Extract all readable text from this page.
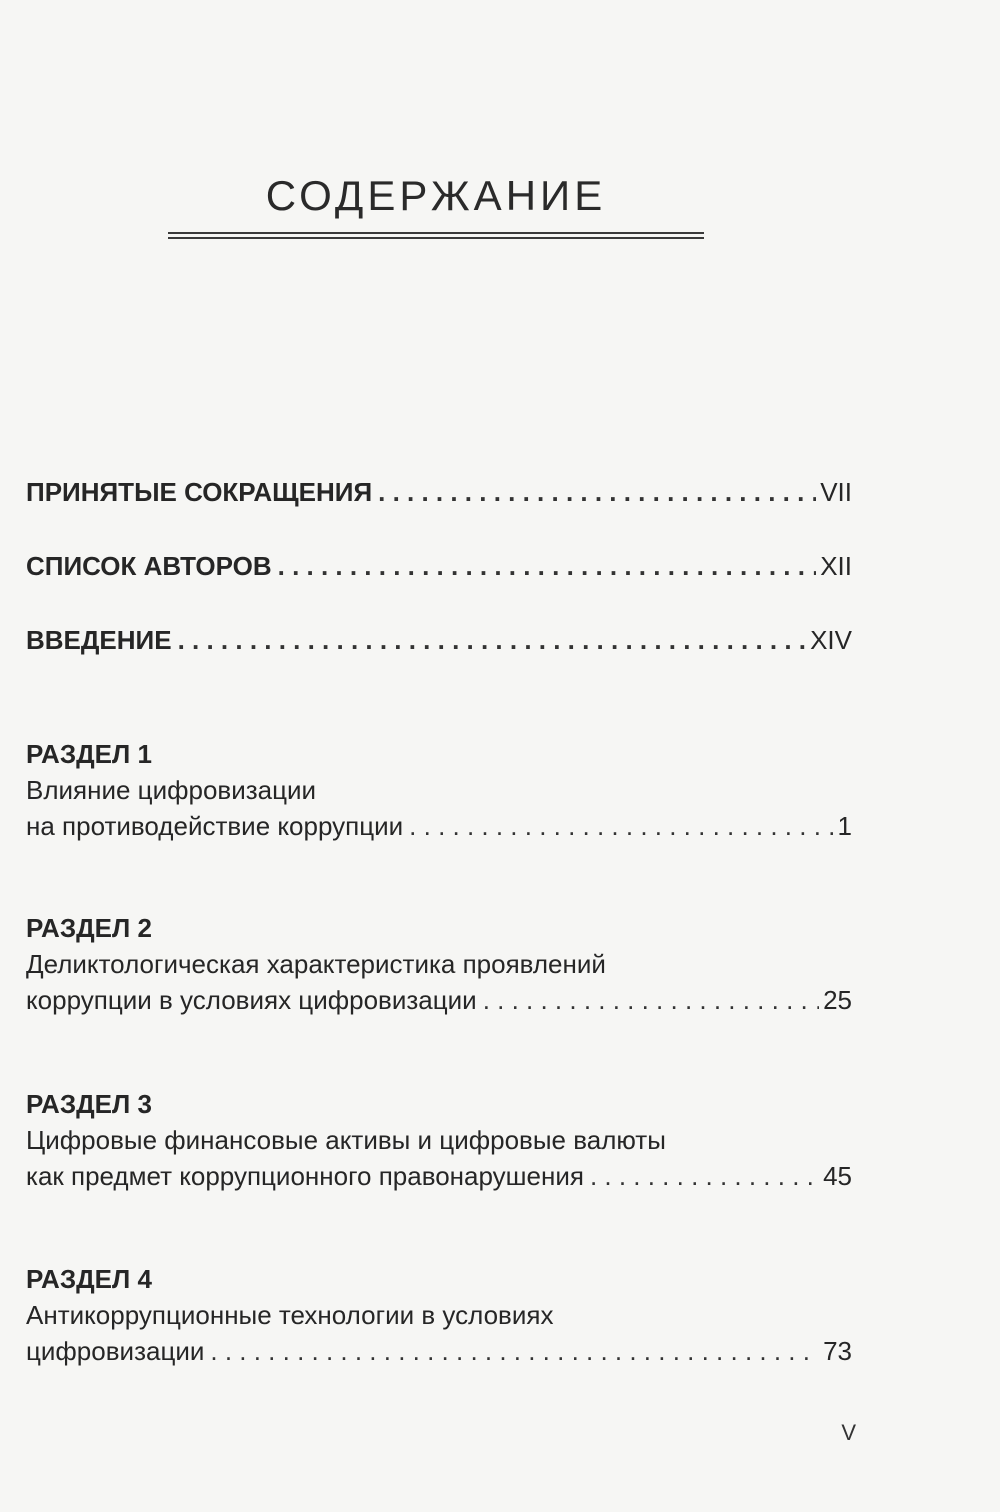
СОДЕРЖАНИЕ
ПРИНЯТЫЕ СОКРАЩЕНИЯ . . .	VII
СПИСОК АВТОРОВ . . .	XII
ВВЕДЕНИЕ . . .	XIV
РАЗДЕЛ 1
Влияние цифровизации
на противодействие коррупции . . .	1
РАЗДЕЛ 2
Деликтологическая характеристика проявлений
коррупции в условиях цифровизации . . .	25
РАЗДЕЛ 3
Цифровые финансовые активы и цифровые валюты
как предмет коррупционного правонарушения . . .	45
РАЗДЕЛ 4
Антикоррупционные технологии в условиях
цифровизации . . .	73
V
